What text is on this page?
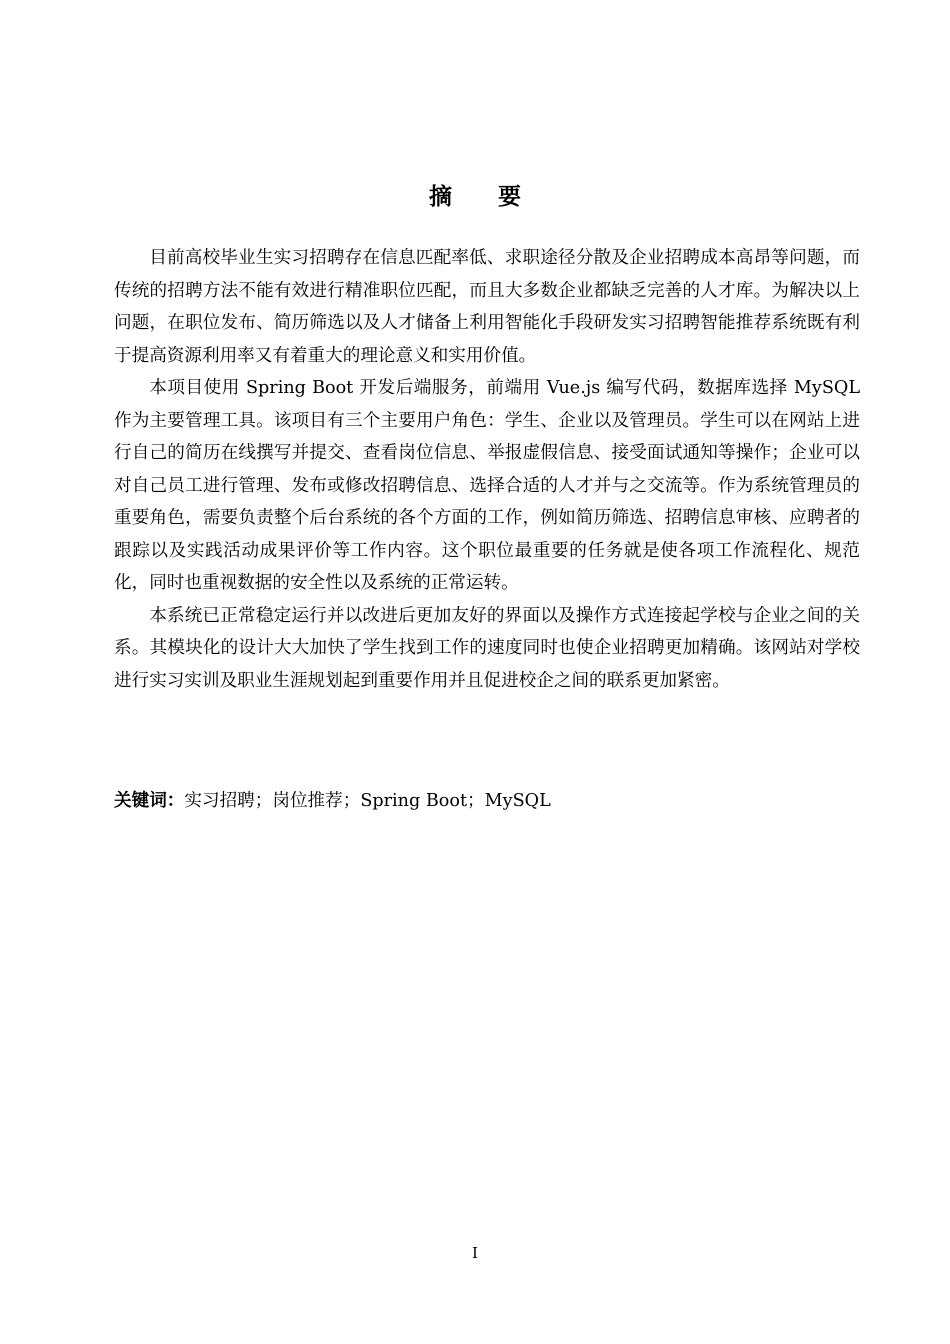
摘要

目前高校毕业生实习招聘存在信息匹配率低、求职途径分散及企业招聘成本高昂等问题，而传统的招聘方法不能有效进行精准职位匹配，而且大多数企业都缺乏完善的人才库。为解决以上问题，在职位发布、简历筛选以及人才储备上利用智能化手段研发实习招聘智能推荐系统既有利于提高资源利用率又有着重大的理论意义和实用价值。

本项目使用 Spring Boot 开发后端服务，前端用 Vue.js 编写代码，数据库选择 MySQL 作为主要管理工具。该项目有三个主要用户角色：学生、企业以及管理员。学生可以在网站上进行自己的简历在线撰写并提交、查看岗位信息、举报虚假信息、接受面试通知等操作；企业可以对自己员工进行管理、发布或修改招聘信息、选择合适的人才并与之交流等。作为系统管理员的重要角色，需要负责整个后台系统的各个方面的工作，例如简历筛选、招聘信息审核、应聘者的跟踪以及实践活动成果评价等工作内容。这个职位最重要的任务就是使各项工作流程化、规范化，同时也重视数据的安全性以及系统的正常运转。

本系统已正常稳定运行并以改进后更加友好的界面以及操作方式连接起学校与企业之间的关系。其模块化的设计大大加快了学生找到工作的速度同时也使企业招聘更加精确。该网站对学校进行实习实训及职业生涯规划起到重要作用并且促进校企之间的联系更加紧密。

关键词：实习招聘；岗位推荐；Spring Boot；MySQL
I
